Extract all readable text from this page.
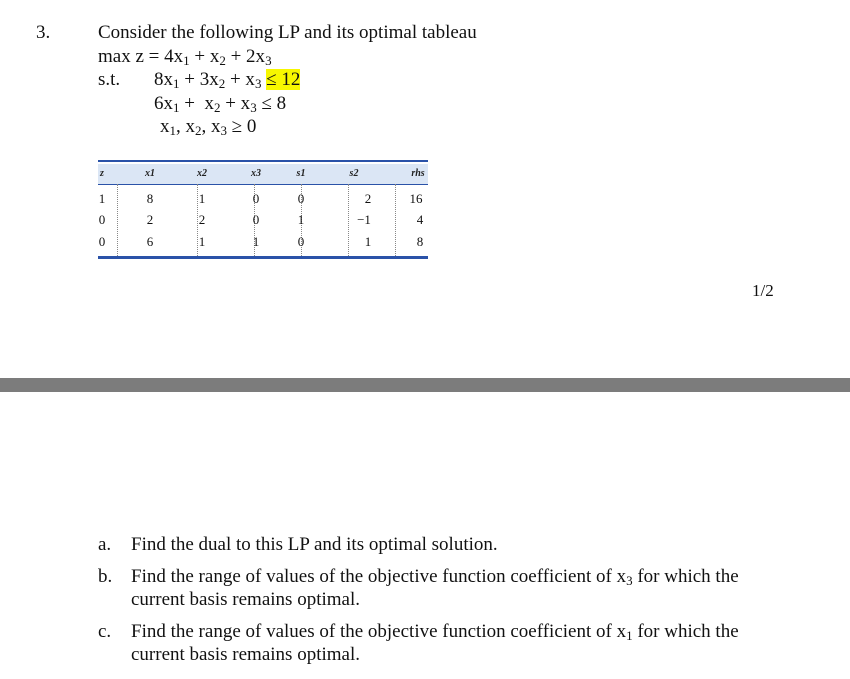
3.	Consider the following LP and its optimal tableau
$\max z = 4x_1 + x_2 + 2x_3$
s.t. $8x_1 + 3x_2 + x_3 \le 12$
$6x_1 + x_2 + x_3 \le 8$
$x_1$, $x_2$, $x_3 \ge 0$
z	x1	x2	x3	s1	s2	rhs
1	8	1	0	0	2	16
0	2	2	0	1	−1	4
0	6	1	1	0	1	8
1/2
a. Find the dual to this LP and its optimal solution.
b. Find the range of values of the objective function coefficient of $x_3$ for which the
current basis remains optimal.
c. Find the range of values of the objective function coefficient of $x_1$ for which the
current basis remains optimal.
